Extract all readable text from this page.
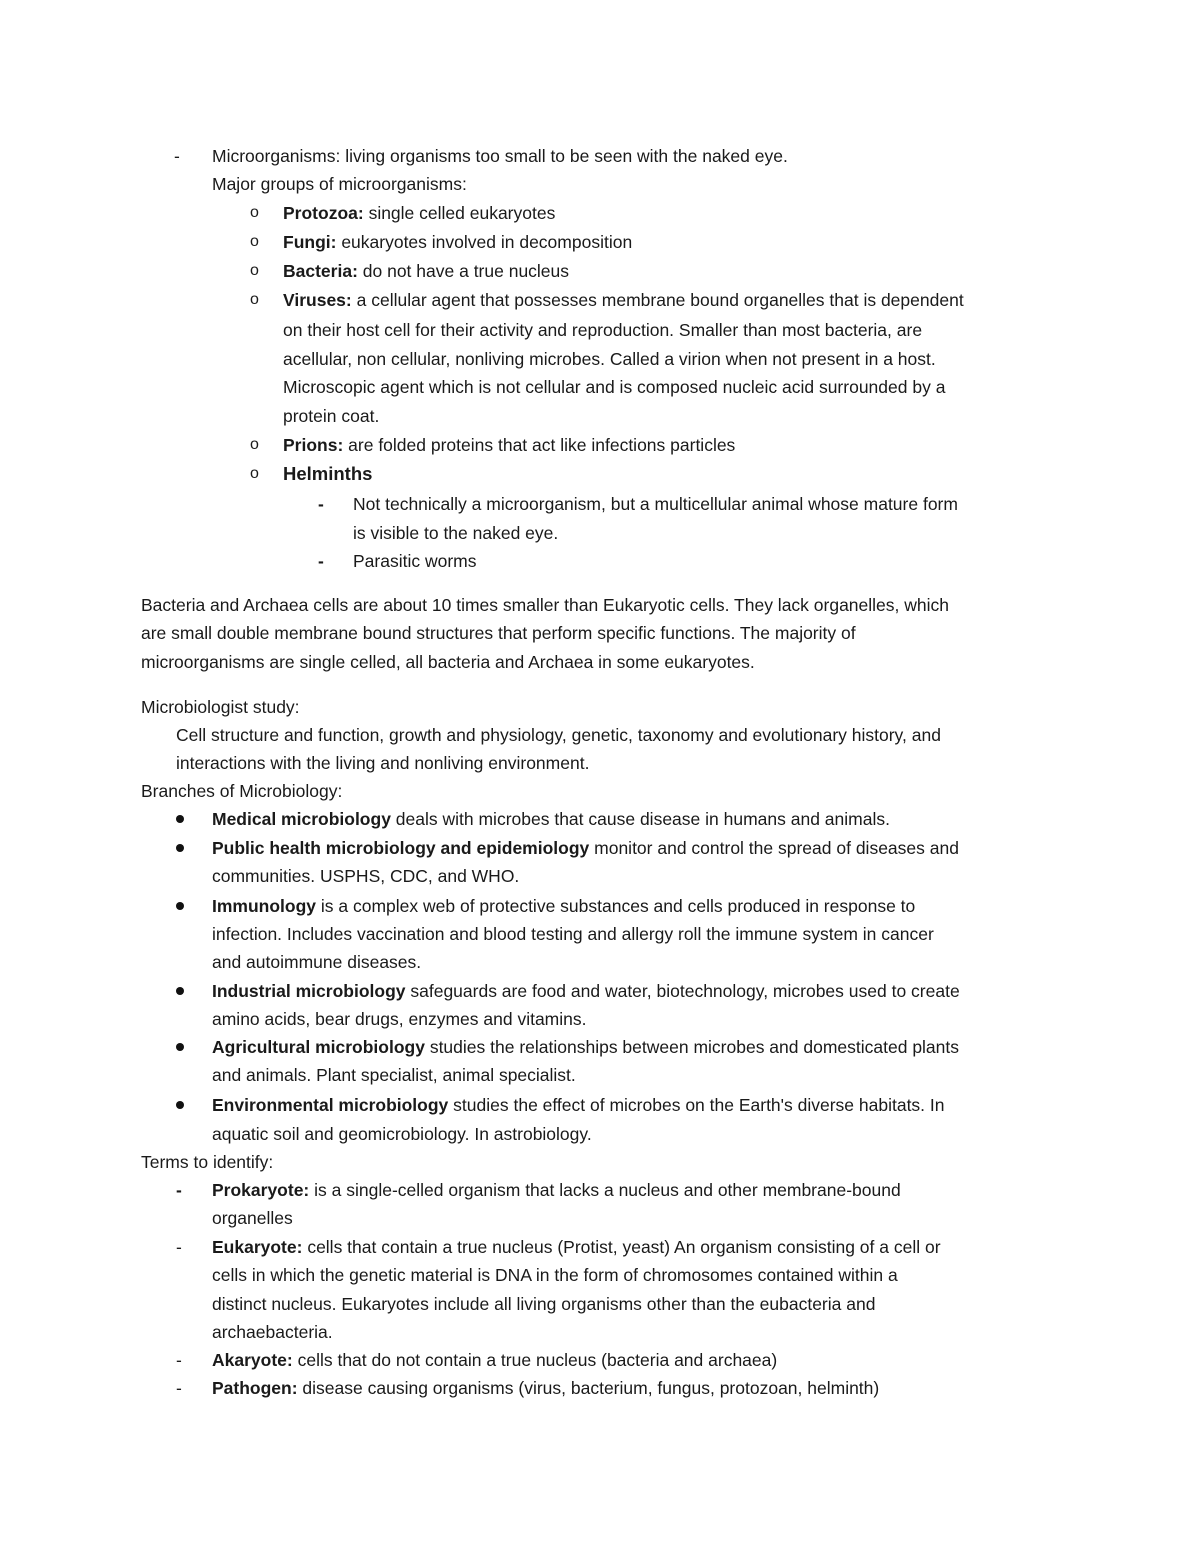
- Microorganisms: living organisms too small to be seen with the naked eye.
Major groups of microorganisms:
o Protozoa: single celled eukaryotes
o Fungi: eukaryotes involved in decomposition
o Bacteria: do not have a true nucleus
o Viruses: a cellular agent that possesses membrane bound organelles that is dependent
on their host cell for their activity and reproduction. Smaller than most bacteria, are
acellular, non cellular, nonliving microbes. Called a virion when not present in a host.
Microscopic agent which is not cellular and is composed nucleic acid surrounded by a
protein coat.
o Prions: are folded proteins that act like infections particles
o Helminths
- Not technically a microorganism, but a multicellular animal whose mature form
is visible to the naked eye.
- Parasitic worms
Bacteria and Archaea cells are about 10 times smaller than Eukaryotic cells. They lack organelles, which
are small double membrane bound structures that perform specific functions. The majority of
microorganisms are single celled, all bacteria and Archaea in some eukaryotes.
Microbiologist study:
Cell structure and function, growth and physiology, genetic, taxonomy and evolutionary history, and
interactions with the living and nonliving environment.
Branches of Microbiology:
Medical microbiology deals with microbes that cause disease in humans and animals.
Public health microbiology and epidemiology monitor and control the spread of diseases and
communities. USPHS, CDC, and WHO.
Immunology is a complex web of protective substances and cells produced in response to
infection. Includes vaccination and blood testing and allergy roll the immune system in cancer
and autoimmune diseases.
Industrial microbiology safeguards are food and water, biotechnology, microbes used to create
amino acids, bear drugs, enzymes and vitamins.
Agricultural microbiology studies the relationships between microbes and domesticated plants
and animals. Plant specialist, animal specialist.
Environmental microbiology studies the effect of microbes on the Earth's diverse habitats. In
aquatic soil and geomicrobiology. In astrobiology.
Terms to identify:
- Prokaryote: is a single-celled organism that lacks a nucleus and other membrane-bound
organelles
- Eukaryote: cells that contain a true nucleus (Protist, yeast) An organism consisting of a cell or
cells in which the genetic material is DNA in the form of chromosomes contained within a
distinct nucleus. Eukaryotes include all living organisms other than the eubacteria and
archaebacteria.
- Akaryote: cells that do not contain a true nucleus (bacteria and archaea)
- Pathogen: disease causing organisms (virus, bacterium, fungus, protozoan, helminth)
